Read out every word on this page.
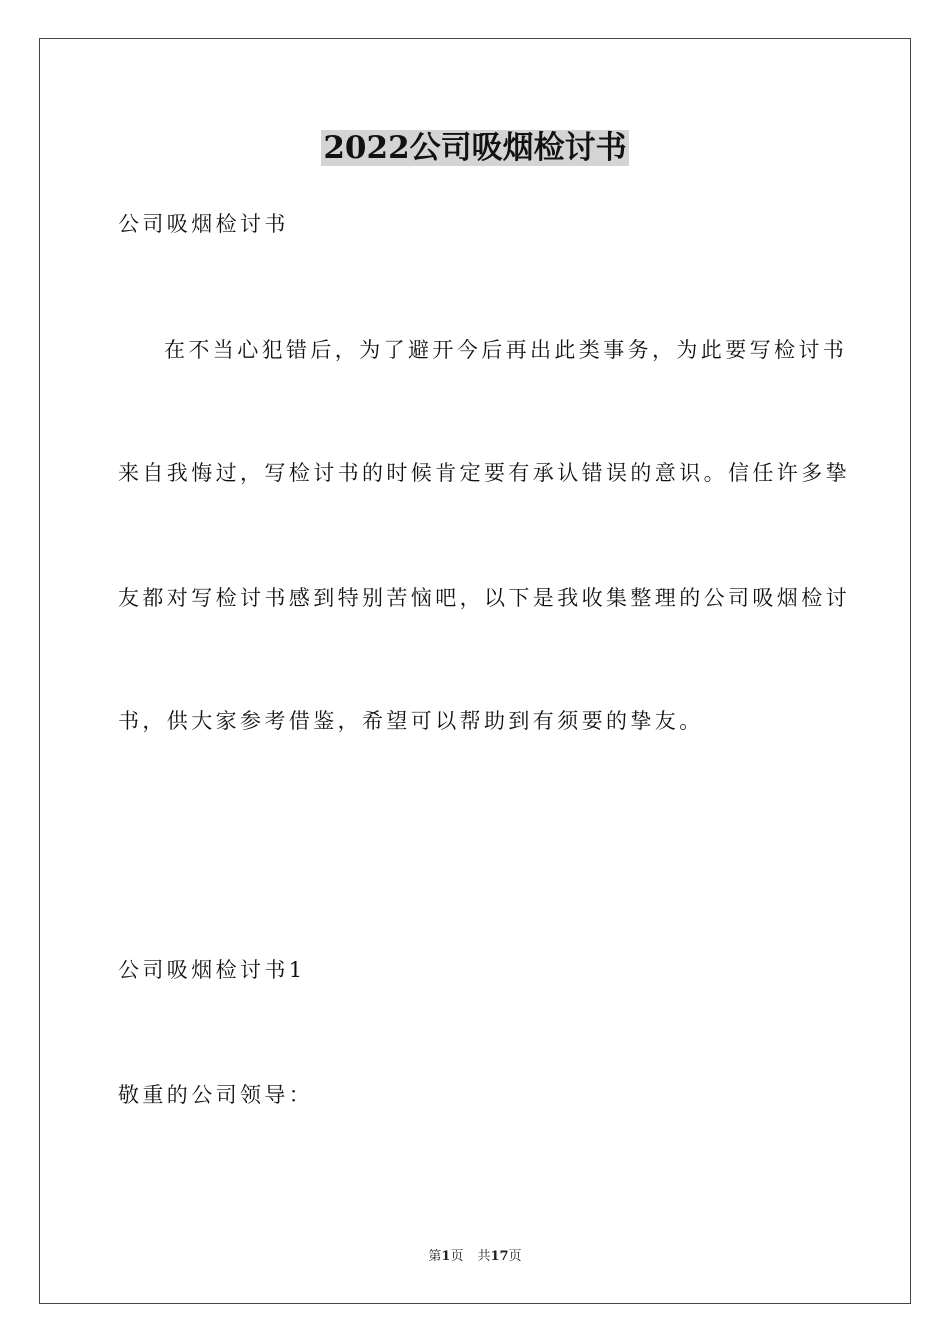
2022公司吸烟检讨书
公司吸烟检讨书
在不当心犯错后，为了避开今后再出此类事务，为此要写检讨书
来自我悔过，写检讨书的时候肯定要有承认错误的意识。信任许多挚
友都对写检讨书感到特别苦恼吧，以下是我收集整理的公司吸烟检讨
书，供大家参考借鉴，希望可以帮助到有须要的挚友。
公司吸烟检讨书1
敬重的公司领导：
第1页 共17页
